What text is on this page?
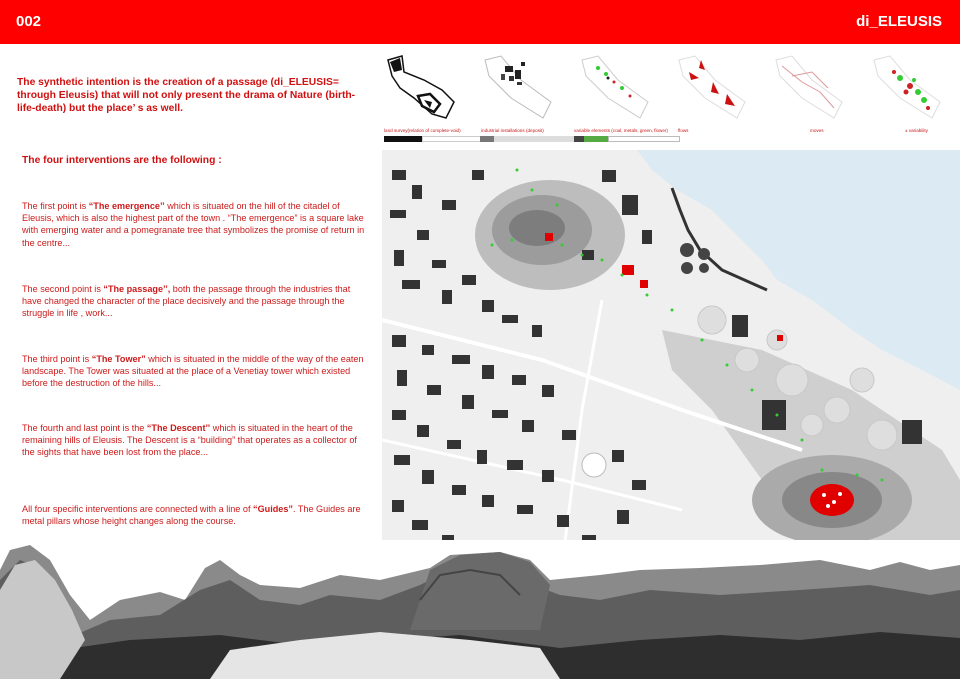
002	di_ELEUSIS
The synthetic intention is the creation of a passage (di_ELEUSIS= through Eleusis) that will not only present the drama of Nature (birth-life-death) but the place’ s as well.
The four interventions are the following :
The first point is “The emergence’’ which is situated on the hill of the citadel of Eleusis, which is also the highest part of the town . “The emergence” is a square lake with emerging water and a pomegranate tree that symbolizes the promise of return in the centre...
The second point is “The passage’’, both the passage through the industries that have changed the character of the place decisively and the passage through the struggle in life , work...
The third point is “The Tower” which is situated in the middle of the way of the eaten landscape. The Tower was situated at the place of a Venetiay tower which existed before the destruction of the hills...
The fourth and last point is the “The Descent’’ which is situated in the heart of the remaining hills of Eleusis. The Descent is a “building” that operates as a collector of the sights that have been lost from the place...
All four specific interventions are connected with a line of “Guides”. The Guides are metal pillars whose height changes along the course.
land survey(relation of complete-void)	industrial installations (deposit)	variable elements (coal, metals, green, flower) flows	moves	± variability
